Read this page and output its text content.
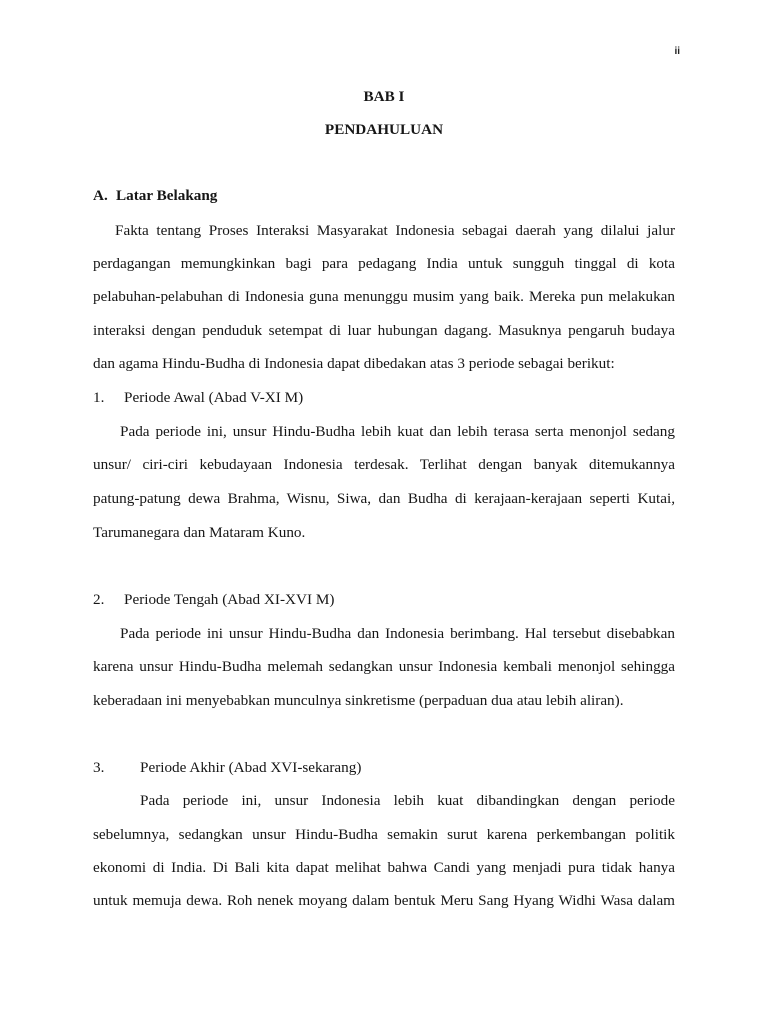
ii
BAB I
PENDAHULUAN
A. Latar Belakang
Fakta tentang Proses Interaksi Masyarakat Indonesia sebagai daerah yang dilalui jalur
perdagangan memungkinkan bagi para pedagang India untuk sungguh tinggal di kota
pelabuhan-pelabuhan di Indonesia guna menunggu musim yang baik. Mereka pun melakukan
interaksi dengan penduduk setempat di luar hubungan dagang. Masuknya pengaruh budaya
dan agama Hindu-Budha di Indonesia dapat dibedakan atas 3 periode sebagai berikut:
1. Periode Awal (Abad V-XI M)
Pada periode ini, unsur Hindu-Budha lebih kuat dan lebih terasa serta menonjol sedang
unsur/ ciri-ciri kebudayaan Indonesia terdesak. Terlihat dengan banyak ditemukannya
patung-patung dewa Brahma, Wisnu, Siwa, dan Budha di kerajaan-kerajaan seperti Kutai,
Tarumanegara dan Mataram Kuno.
2. Periode Tengah (Abad XI-XVI M)
Pada periode ini unsur Hindu-Budha dan Indonesia berimbang. Hal tersebut disebabkan
karena unsur Hindu-Budha melemah sedangkan unsur Indonesia kembali menonjol sehingga
keberadaan ini menyebabkan munculnya sinkretisme (perpaduan dua atau lebih aliran).
3. Periode Akhir (Abad XVI-sekarang)
Pada periode ini, unsur Indonesia lebih kuat dibandingkan dengan periode
sebelumnya, sedangkan unsur Hindu-Budha semakin surut karena perkembangan politik
ekonomi di India. Di Bali kita dapat melihat bahwa Candi yang menjadi pura tidak hanya
untuk memuja dewa. Roh nenek moyang dalam bentuk Meru Sang Hyang Widhi Wasa dalam
